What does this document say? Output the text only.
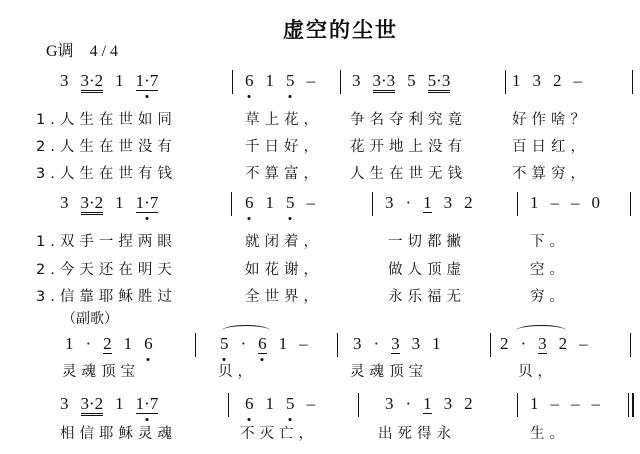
虚空的尘世
G调 4 / 4
（副歌）
3 3·2 1 1·7	6 1 5 – 3 3·3 5 5·3	1 3 2 –
3 3·2 1 1·7	6 1 5 –	3 · 1 3 2	1 – – 0
1 · 2 1 6	5 · 6 1 –	3 · 3 3 1	2 · 3 2 –
3 3·2 1 1·7	6 1 5 –	3 · 1 3 2	1 – – –
1.人生在世如同	草上花， 争名夺利究竟	好作啥？
2.人生在世没有	千日好， 花开地上没有	百日红，
3.人生在世有钱	不算富， 人生在世无钱	不算穷，
1.双手一捏两眼	就闭着，	一切都撇	下。
2.今天还在明天	如花谢，	做人顶虚	空。
3.信靠耶稣胜过	全世界，	永乐福无	穷。
灵魂顶宝	贝，	灵魂顶宝	贝，
相信耶稣灵魂	不灭亡，	出死得永	生。
